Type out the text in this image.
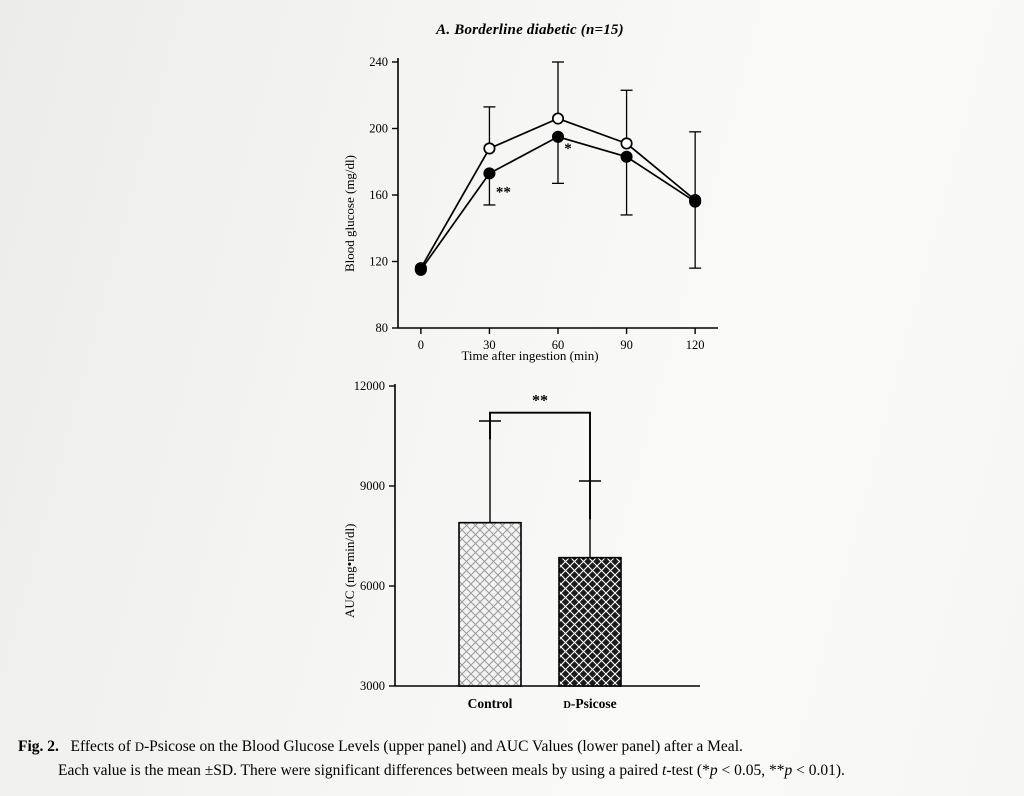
A. Borderline diabetic (n=15)
80
120
160
200
240
0	30	60	90	120
**
*
Blood glucose (mg/dl)
Time after ingestion (min)
3000
6000
9000
12000
Control	D-Psicose
**
AUC (mg•min/dl)
Fig. 2. Effects of D-Psicose on the Blood Glucose Levels (upper panel) and AUC Values (lower panel) after a Meal.
Each value is the mean ±SD. There were significant differences between meals by using a paired t-test (*p < 0.05, **p < 0.01).
